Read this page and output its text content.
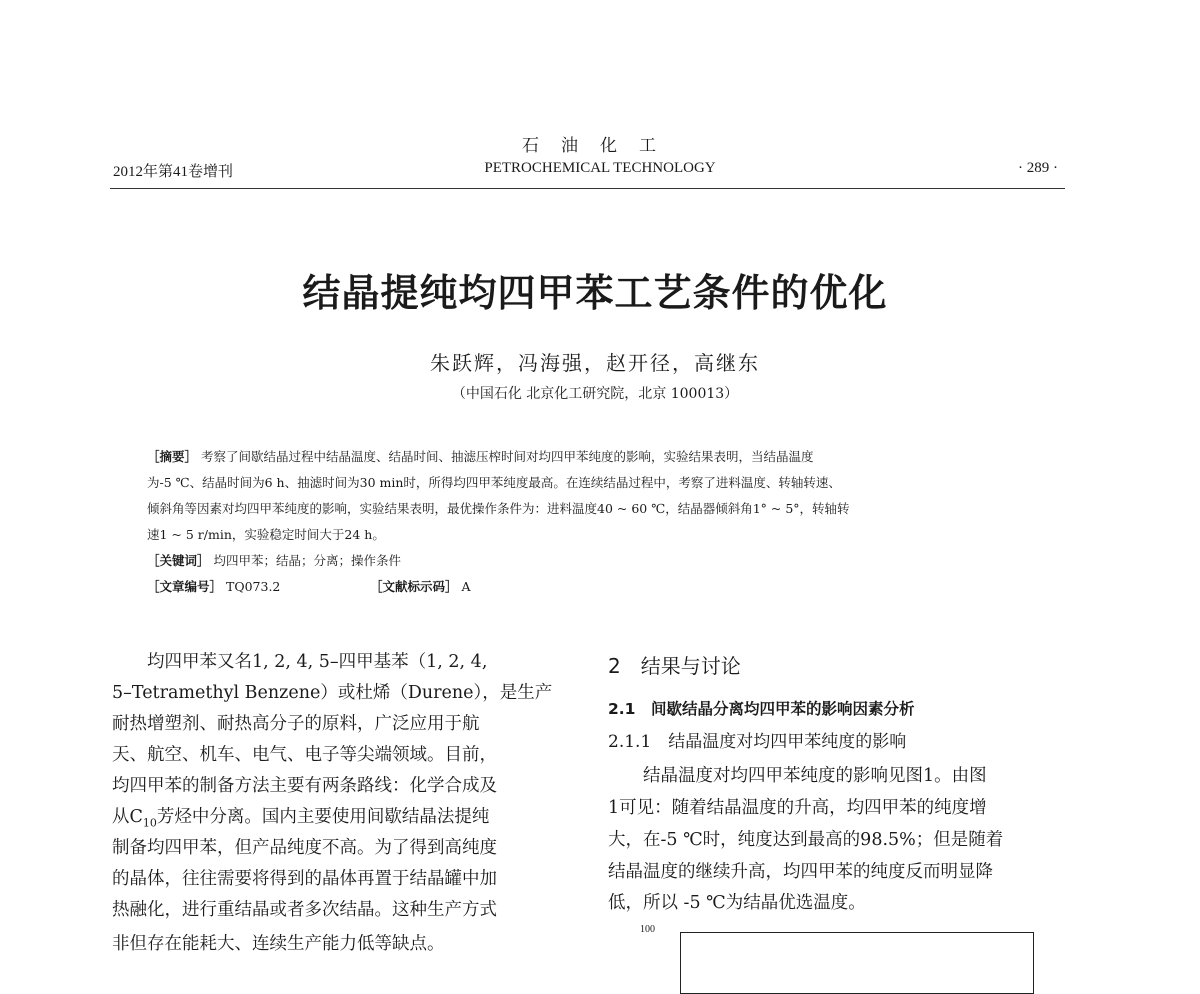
石油化工
PETROCHEMICAL TECHNOLOGY
2012年第41卷增刊	· 289 ·
结晶提纯均四甲苯工艺条件的优化
朱跃辉，冯海强，赵开径，高继东
（中国石化 北京化工研究院，北京 100013）
［摘要］ 考察了间歇结晶过程中结晶温度、结晶时间、抽滤压榨时间对均四甲苯纯度的影响，实验结果表明，当结晶温度
为-5 ℃、结晶时间为6 h、抽滤时间为30 min时，所得均四甲苯纯度最高。在连续结晶过程中，考察了进料温度、转轴转速、
倾斜角等因素对均四甲苯纯度的影响，实验结果表明，最优操作条件为：进料温度40 ~ 60 ℃，结晶器倾斜角1° ~ 5°，转轴转
速1 ~ 5 r/min，实验稳定时间大于24 h。
［关键词］ 均四甲苯；结晶；分离；操作条件
［文章编号］ TQ073.2	［文献标示码］ A
均四甲苯又名1, 2, 4, 5–四甲基苯（1, 2, 4,
5–Tetramethyl Benzene）或杜烯（Durene），是生产
耐热增塑剂、耐热高分子的原料，广泛应用于航
天、航空、机车、电气、电子等尖端领域。目前，
均四甲苯的制备方法主要有两条路线：化学合成及
从$C_{10}$芳烃中分离。国内主要使用间歇结晶法提纯
制备均四甲苯，但产品纯度不高。为了得到高纯度
的晶体，往往需要将得到的晶体再置于结晶罐中加
热融化，进行重结晶或者多次结晶。这种生产方式
非但存在能耗大、连续生产能力低等缺点。
2　结果与讨论
2.1　间歇结晶分离均四甲苯的影响因素分析
2.1.1　结晶温度对均四甲苯纯度的影响
结晶温度对均四甲苯纯度的影响见图1。由图
1可见：随着结晶温度的升高，均四甲苯的纯度增
大，在-5 ℃时，纯度达到最高的98.5%；但是随着
结晶温度的继续升高，均四甲苯的纯度反而明显降
低，所以 -5 ℃为结晶优选温度。
100
